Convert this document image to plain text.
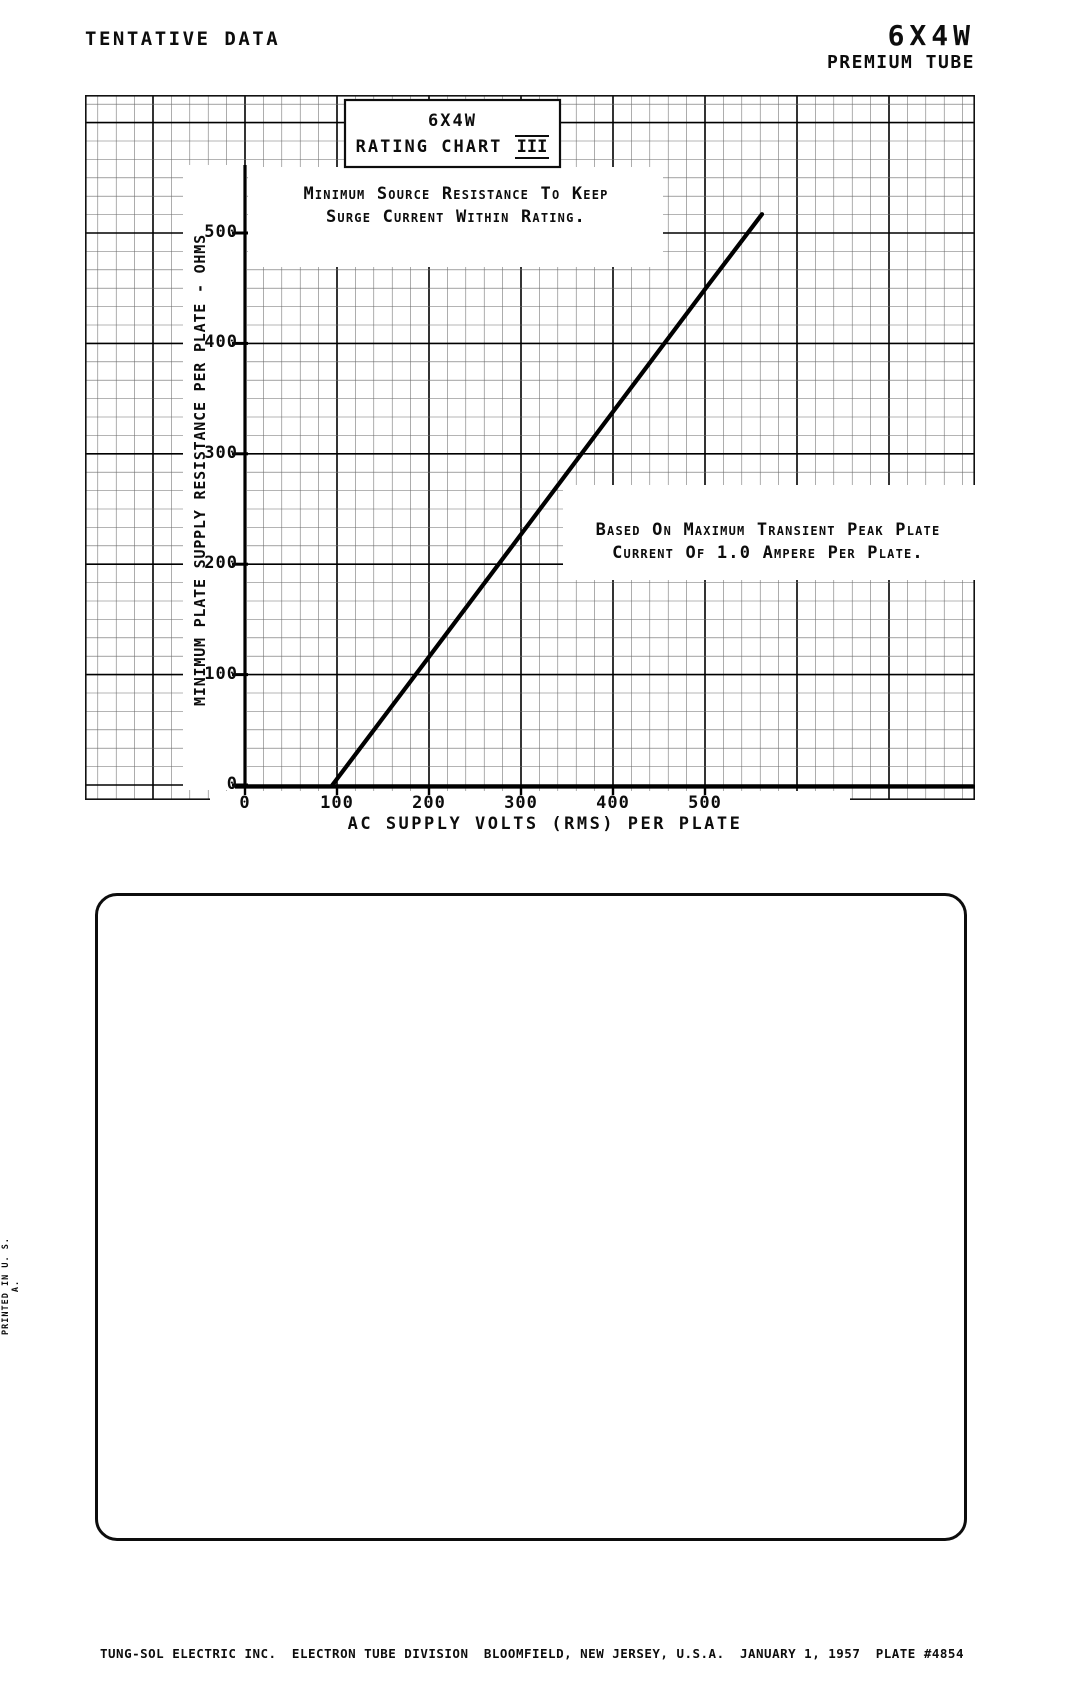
TENTATIVE DATA	6X4W
PREMIUM TUBE
6X4W
RATING CHART III
Minimum Source Resistance To Keep
Surge Current Within Rating.
Based On Maximum Transient Peak Plate
Current Of 1.0 Ampere Per Plate.
MINIMUM PLATE SUPPLY RESISTANCE PER PLATE - OHMS
AC SUPPLY VOLTS (RMS) PER PLATE
0
100
200
300
400
500
0	100	200	300	400	500
PRINTED IN U. S. A.
TUNG-SOL ELECTRIC INC. ELECTRON TUBE DIVISION BLOOMFIELD, NEW JERSEY, U.S.A. JANUARY 1, 1957 PLATE #4854
